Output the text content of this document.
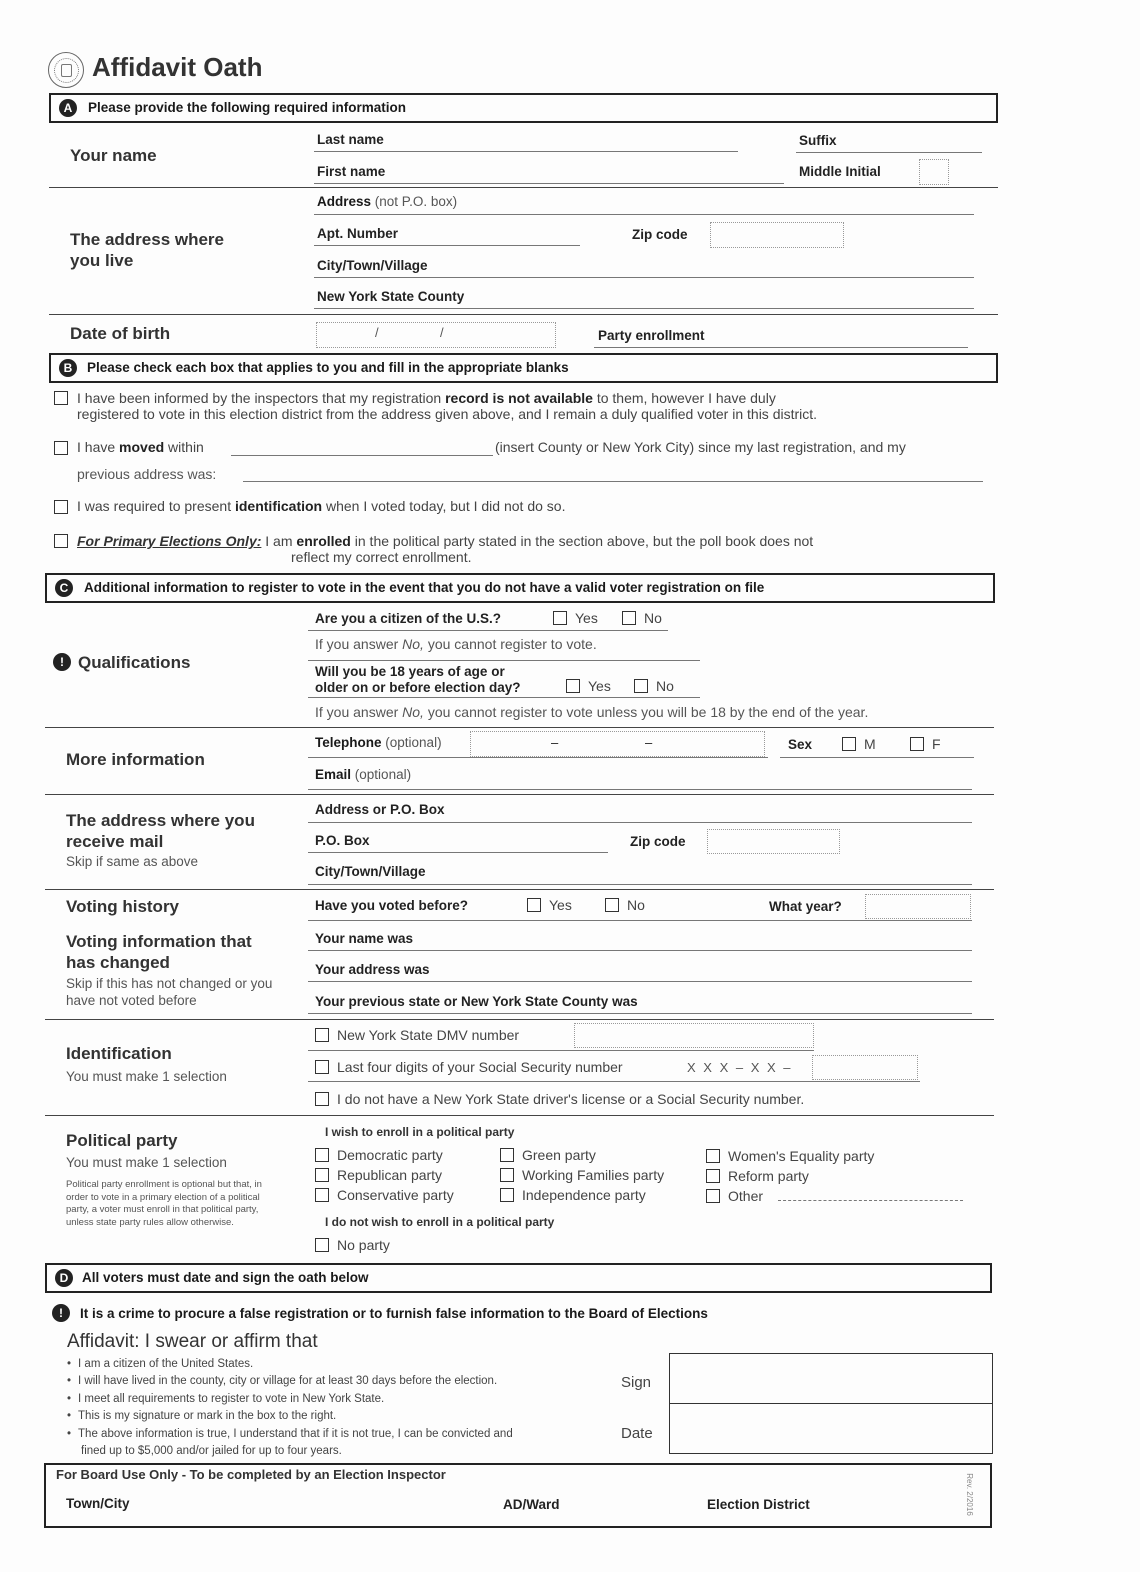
Affidavit Oath
A	Please provide the following required information
Your name
Last name	Suffix
First name	Middle Initial
The address where you live
Address (not P.O. box)
Apt. Number	Zip code
City/Town/Village
New York State County
Date of birth	/	/	Party enrollment
B	Please check each box that applies to you and fill in the appropriate blanks
I have been informed by the inspectors that my registration record is not available to them, however I have duly
registered to vote in this election district from the address given above, and I remain a duly qualified voter in this district.
I have moved within	(insert County or New York City) since my last registration, and my
previous address was:
I was required to present identification when I voted today, but I did not do so.
For Primary Elections Only: I am enrolled in the political party stated in the section above, but the poll book does not
reflect my correct enrollment.
C	Additional information to register to vote in the event that you do not have a valid voter registration on file
! Qualifications
Are you a citizen of the U.S.?	Yes	No
If you answer No, you cannot register to vote.
Will you be 18 years of age or
older on or before election day?	Yes	No
If you answer No, you cannot register to vote unless you will be 18 by the end of the year.
More information
Telephone (optional)	–	–	Sex	M	F
Email (optional)
The address where you receive mail
Skip if same as above
Address or P.O. Box
P.O. Box	Zip code
City/Town/Village
Voting history	Have you voted before?	Yes	No	What year?
Voting information that has changed
Skip if this has not changed or you have not voted before
Your name was
Your address was
Your previous state or New York State County was
Identification
You must make 1 selection
New York State DMV number
Last four digits of your Social Security number	X X X – X X –
I do not have a New York State driver's license or a Social Security number.
Political party
You must make 1 selection
Political party enrollment is optional but that, in order to vote in a primary election of a political party, a voter must enroll in that political party, unless state party rules allow otherwise.
I wish to enroll in a political party
Democratic party
Republican party
Conservative party
Green party
Working Families party
Independence party
Women's Equality party
Reform party
Other
I do not wish to enroll in a political party
No party
D	All voters must date and sign the oath below
!	It is a crime to procure a false registration or to furnish false information to the Board of Elections
Affidavit: I swear or affirm that
• I am a citizen of the United States.
• I will have lived in the county, city or village for at least 30 days before the election.
• I meet all requirements to register to vote in New York State.
• This is my signature or mark in the box to the right.
• The above information is true, I understand that if it is not true, I can be convicted and fined up to $5,000 and/or jailed for up to four years.
Sign
Date
For Board Use Only - To be completed by an Election Inspector
Town/City	AD/Ward	Election District	Rev. 2/2016
